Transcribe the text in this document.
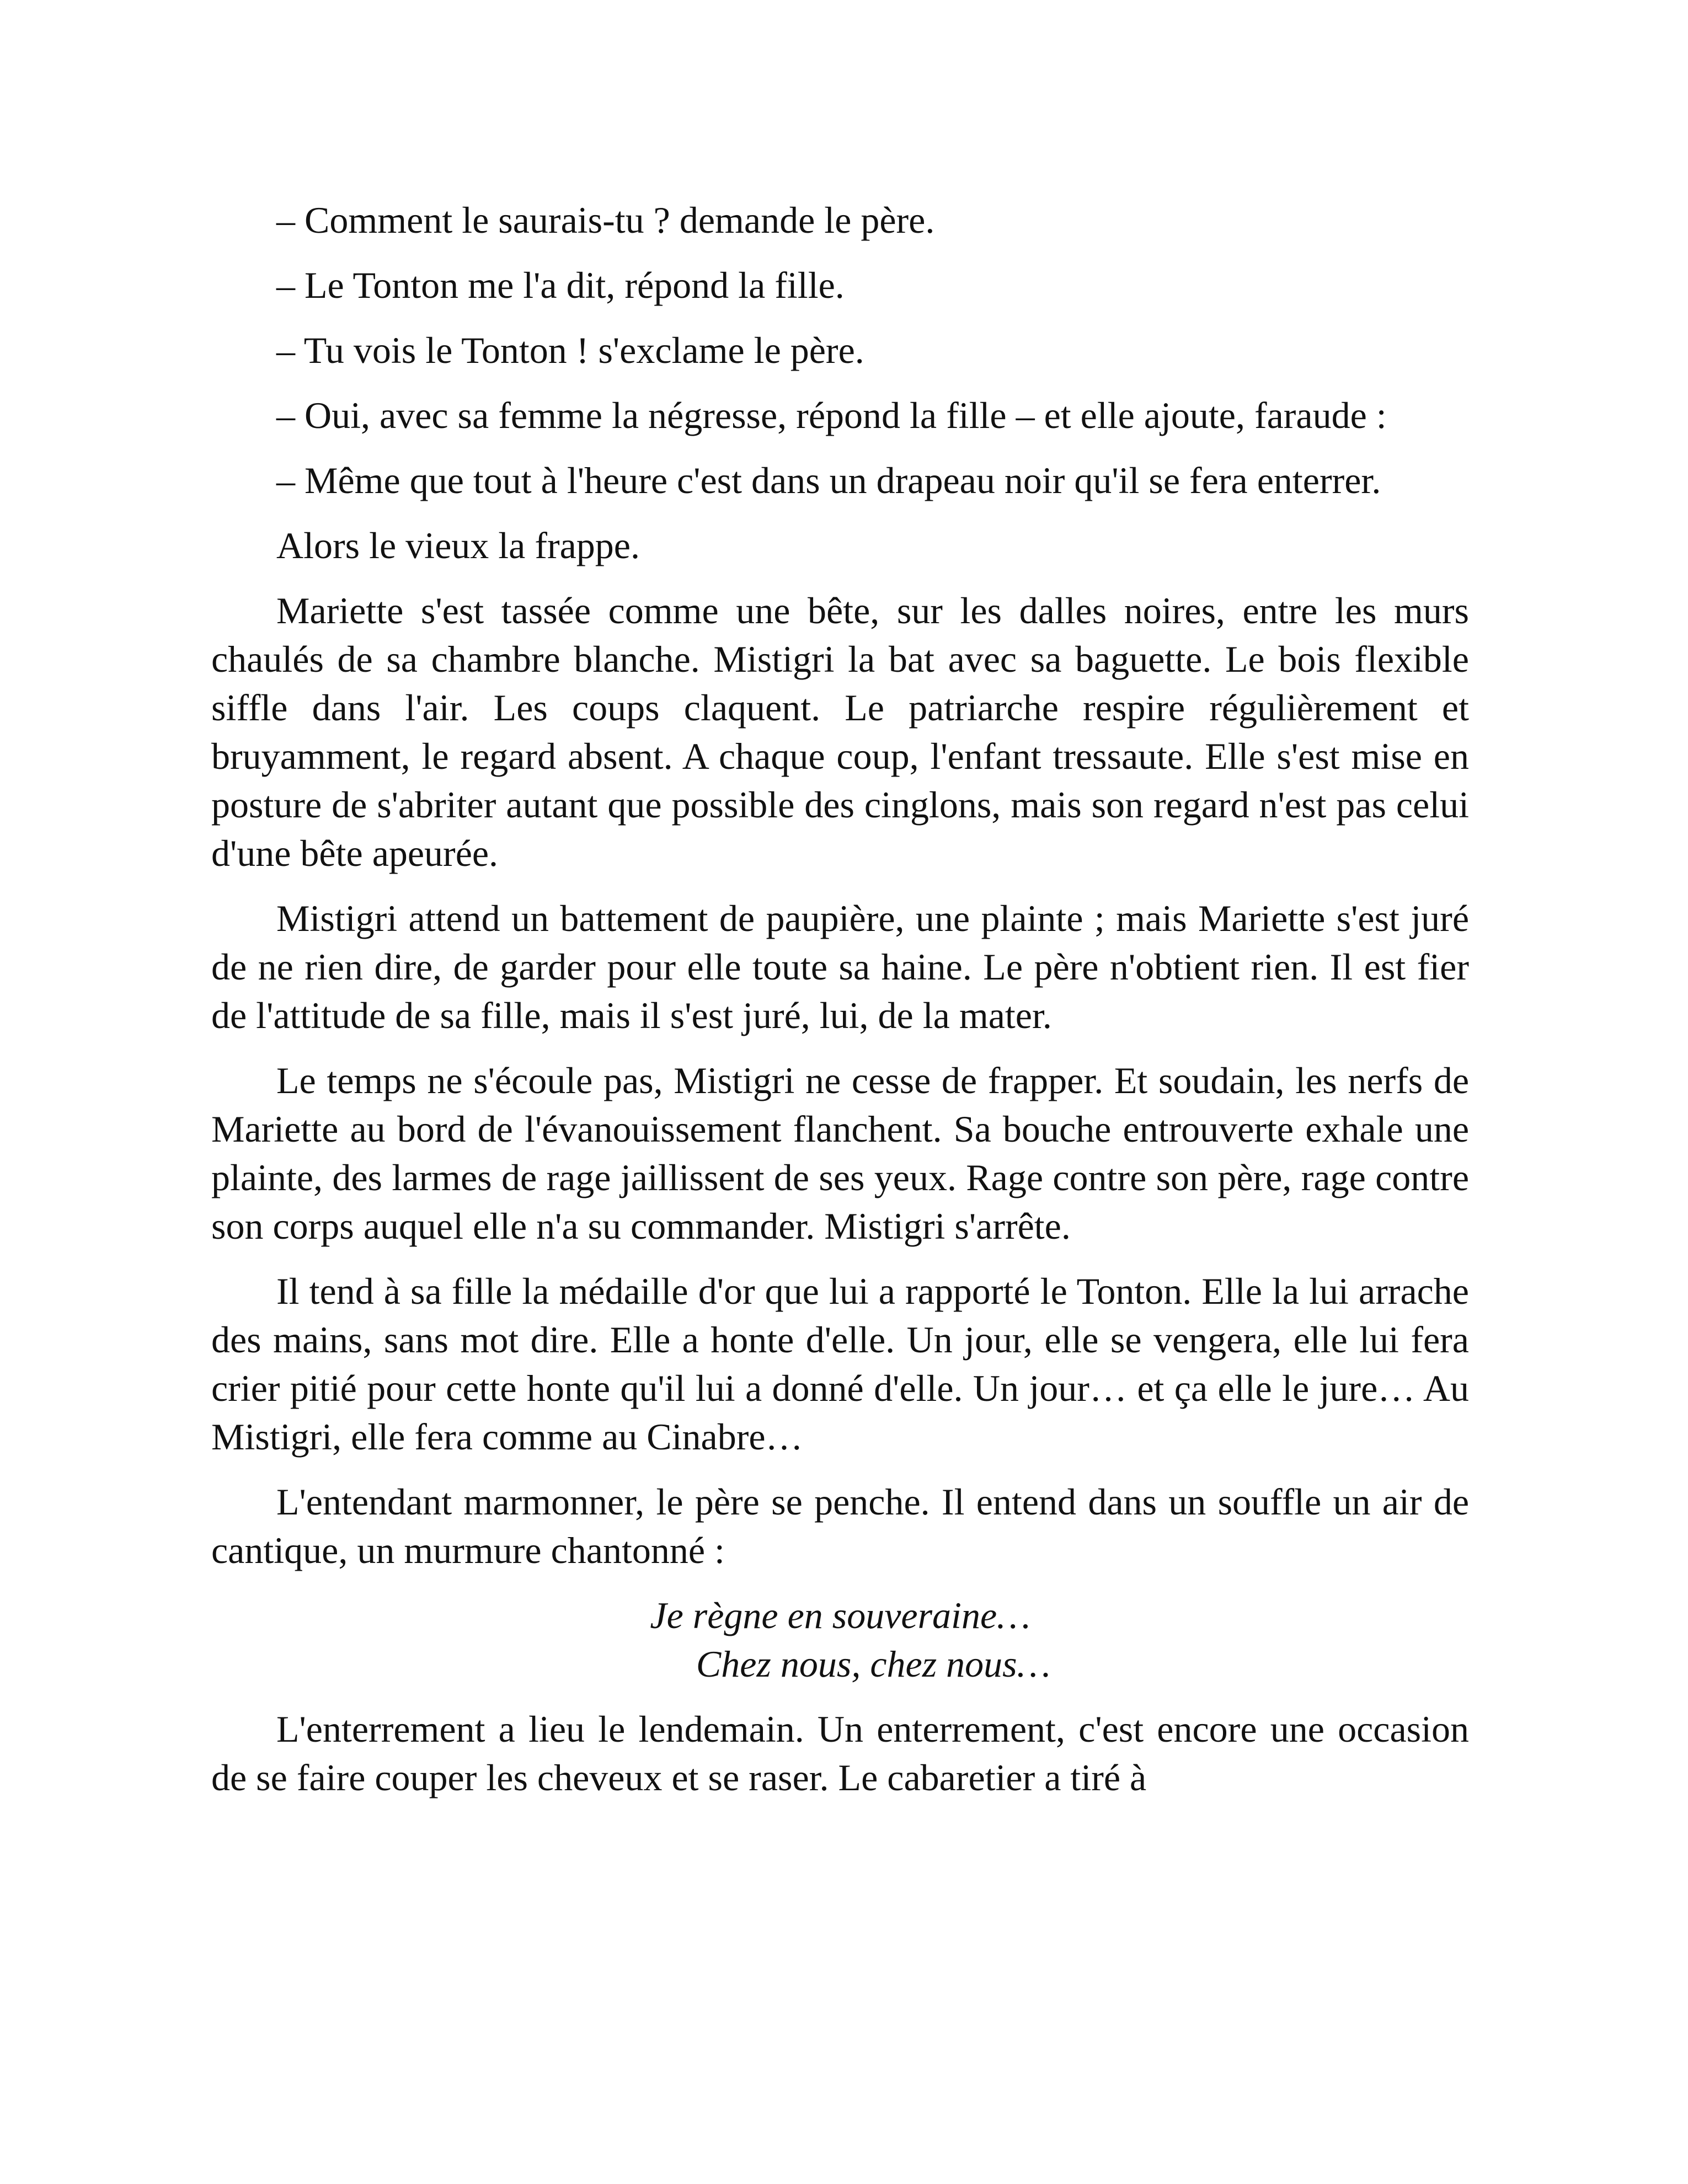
– Comment le saurais-tu ? demande le père.

– Le Tonton me l'a dit, répond la fille.

– Tu vois le Tonton ! s'exclame le père.

– Oui, avec sa femme la négresse, répond la fille – et elle ajoute, faraude :

– Même que tout à l'heure c'est dans un drapeau noir qu'il se fera enterrer.

Alors le vieux la frappe.

Mariette s'est tassée comme une bête, sur les dalles noires, entre les murs chaulés de sa chambre blanche. Mistigri la bat avec sa baguette. Le bois flexible siffle dans l'air. Les coups claquent. Le patriarche respire régulièrement et bruyamment, le regard absent. A chaque coup, l'enfant tressaute. Elle s'est mise en posture de s'abriter autant que possible des cinglons, mais son regard n'est pas celui d'une bête apeurée.

Mistigri attend un battement de paupière, une plainte ; mais Mariette s'est juré de ne rien dire, de garder pour elle toute sa haine. Le père n'obtient rien. Il est fier de l'attitude de sa fille, mais il s'est juré, lui, de la mater.

Le temps ne s'écoule pas, Mistigri ne cesse de frapper. Et soudain, les nerfs de Mariette au bord de l'évanouissement flanchent. Sa bouche entrouverte exhale une plainte, des larmes de rage jaillissent de ses yeux. Rage contre son père, rage contre son corps auquel elle n'a su commander. Mistigri s'arrête.

Il tend à sa fille la médaille d'or que lui a rapporté le Tonton. Elle la lui arrache des mains, sans mot dire. Elle a honte d'elle. Un jour, elle se vengera, elle lui fera crier pitié pour cette honte qu'il lui a donné d'elle. Un jour… et ça elle le jure… Au Mistigri, elle fera comme au Cinabre…

L'entendant marmonner, le père se penche. Il entend dans un souffle un air de cantique, un murmure chantonné :

Je règne en souveraine…
Chez nous, chez nous…

L'enterrement a lieu le lendemain. Un enterrement, c'est encore une occasion de se faire couper les cheveux et se raser. Le cabaretier a tiré à
